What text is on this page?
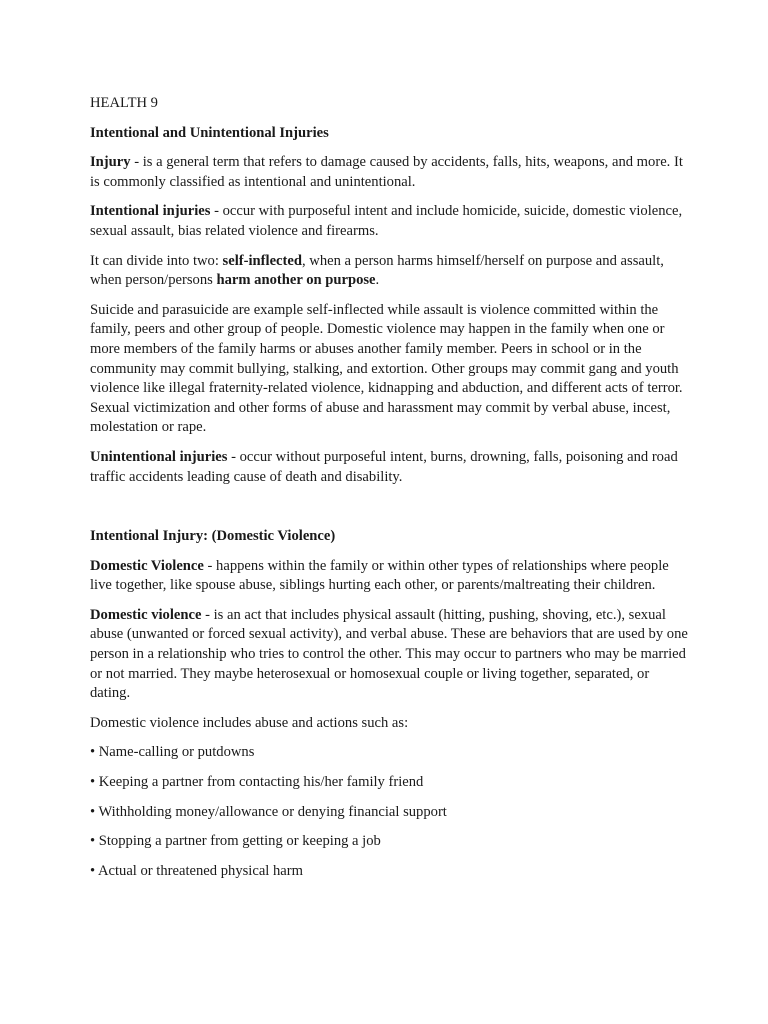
HEALTH 9

Intentional and Unintentional Injuries

Injury - is a general term that refers to damage caused by accidents, falls, hits, weapons, and more. It is commonly classified as intentional and unintentional.

Intentional injuries - occur with purposeful intent and include homicide, suicide, domestic violence, sexual assault, bias related violence and firearms.

It can divide into two: self-inflected, when a person harms himself/herself on purpose and assault, when person/persons harm another on purpose.

Suicide and parasuicide are example self-inflected while assault is violence committed within the family, peers and other group of people. Domestic violence may happen in the family when one or more members of the family harms or abuses another family member. Peers in school or in the community may commit bullying, stalking, and extortion. Other groups may commit gang and youth violence like illegal fraternity-related violence, kidnapping and abduction, and different acts of terror. Sexual victimization and other forms of abuse and harassment may commit by verbal abuse, incest, molestation or rape.

Unintentional injuries - occur without purposeful intent, burns, drowning, falls, poisoning and road traffic accidents leading cause of death and disability.

Intentional Injury: (Domestic Violence)

Domestic Violence - happens within the family or within other types of relationships where people live together, like spouse abuse, siblings hurting each other, or parents/maltreating their children.

Domestic violence - is an act that includes physical assault (hitting, pushing, shoving, etc.), sexual abuse (unwanted or forced sexual activity), and verbal abuse. These are behaviors that are used by one person in a relationship who tries to control the other. This may occur to partners who may be married or not married. They maybe heterosexual or homosexual couple or living together, separated, or dating.

Domestic violence includes abuse and actions such as:

• Name-calling or putdowns

• Keeping a partner from contacting his/her family friend

• Withholding money/allowance or denying financial support

• Stopping a partner from getting or keeping a job

• Actual or threatened physical harm
